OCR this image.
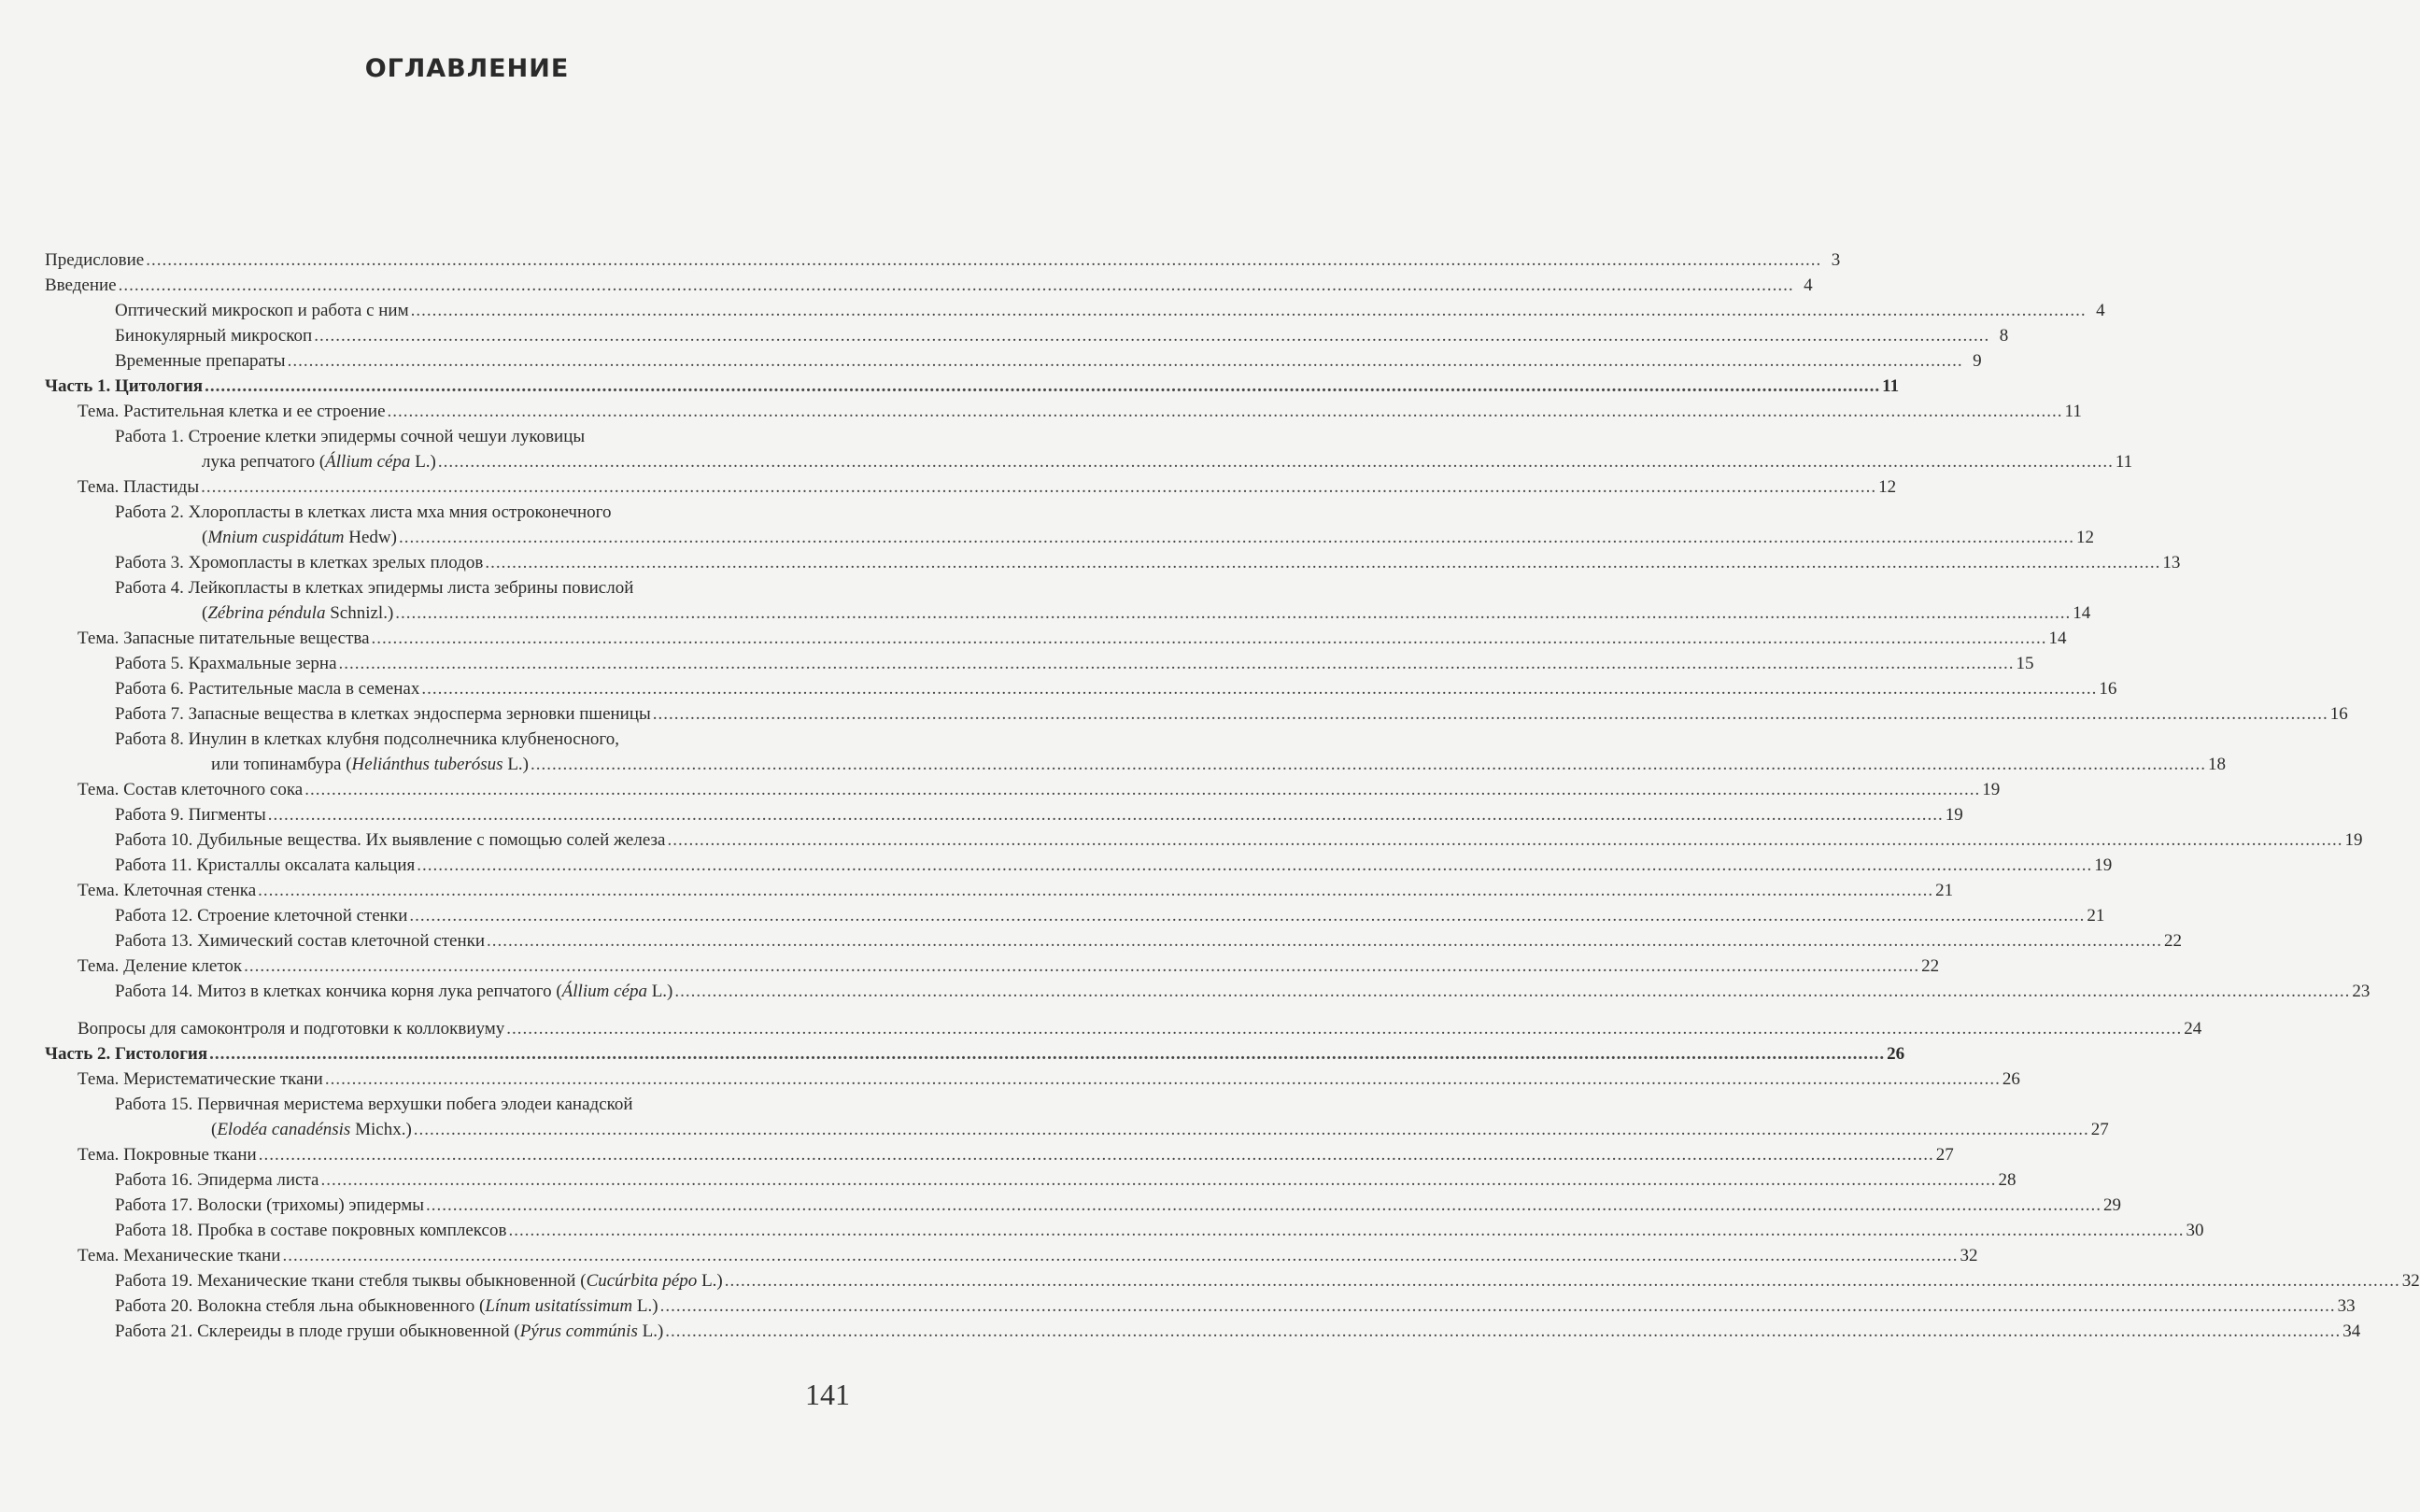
ОГЛАВЛЕНИЕ
Предисловие .....	3
Введение .....	4
Оптический микроскоп и работа с ним .....	4
Бинокулярный микроскоп .....	8
Временные препараты .....	9
Часть 1. Цитология .....	11
Тема. Растительная клетка и ее строение .....	11
Работа 1. Строение клетки эпидермы сочной чешуи луковицы
лука репчатого (Állium cépa L.) .....	11
Тема. Пластиды .....	12
Работа 2. Хлоропласты в клетках листа мха мния остроконечного
(Mnium cuspidátum Hedw) .....	12
Работа 3. Хромопласты в клетках зрелых плодов .....	13
Работа 4. Лейкопласты в клетках эпидермы листа зебрины повислой
(Zébrina péndula Schnizl.) .....	14
Тема. Запасные питательные вещества .....	14
Работа 5. Крахмальные зерна .....	15
Работа 6. Растительные масла в семенах .....	16
Работа 7. Запасные вещества в клетках эндосперма зерновки пшеницы .....	16
Работа 8. Инулин в клетках клубня подсолнечника клубненосного,
или топинамбура (Heliánthus tuberósus L.) .....	18
Тема. Состав клеточного сока .....	19
Работа 9. Пигменты .....	19
Работа 10. Дубильные вещества. Их выявление с помощью солей железа .....	19
Работа 11. Кристаллы оксалата кальция .....	19
Тема. Клеточная стенка .....	21
Работа 12. Строение клеточной стенки .....	21
Работа 13. Химический состав клеточной стенки .....	22
Тема. Деление клеток .....	22
Работа 14. Митоз в клетках кончика корня лука репчатого (Állium cépa L.) .....	23
Вопросы для самоконтроля и подготовки к коллоквиуму .....	24
Часть 2. Гистология .....	26
Тема. Меристематические ткани .....	26
Работа 15. Первичная меристема верхушки побега элодеи канадской
(Elodéa canadénsis Michx.) .....	27
Тема. Покровные ткани .....	27
Работа 16. Эпидерма листа .....	28
Работа 17. Волоски (трихомы) эпидермы .....	29
Работа 18. Пробка в составе покровных комплексов .....	30
Тема. Механические ткани .....	32
Работа 19. Механические ткани стебля тыквы обыкновенной (Cucúrbita pépo L.) .....	32
Работа 20. Волокна стебля льна обыкновенного (Línum usitatíssimum L.) .....	33
Работа 21. Склереиды в плоде груши обыкновенной (Pýrus commúnis L.) .....	34
141
